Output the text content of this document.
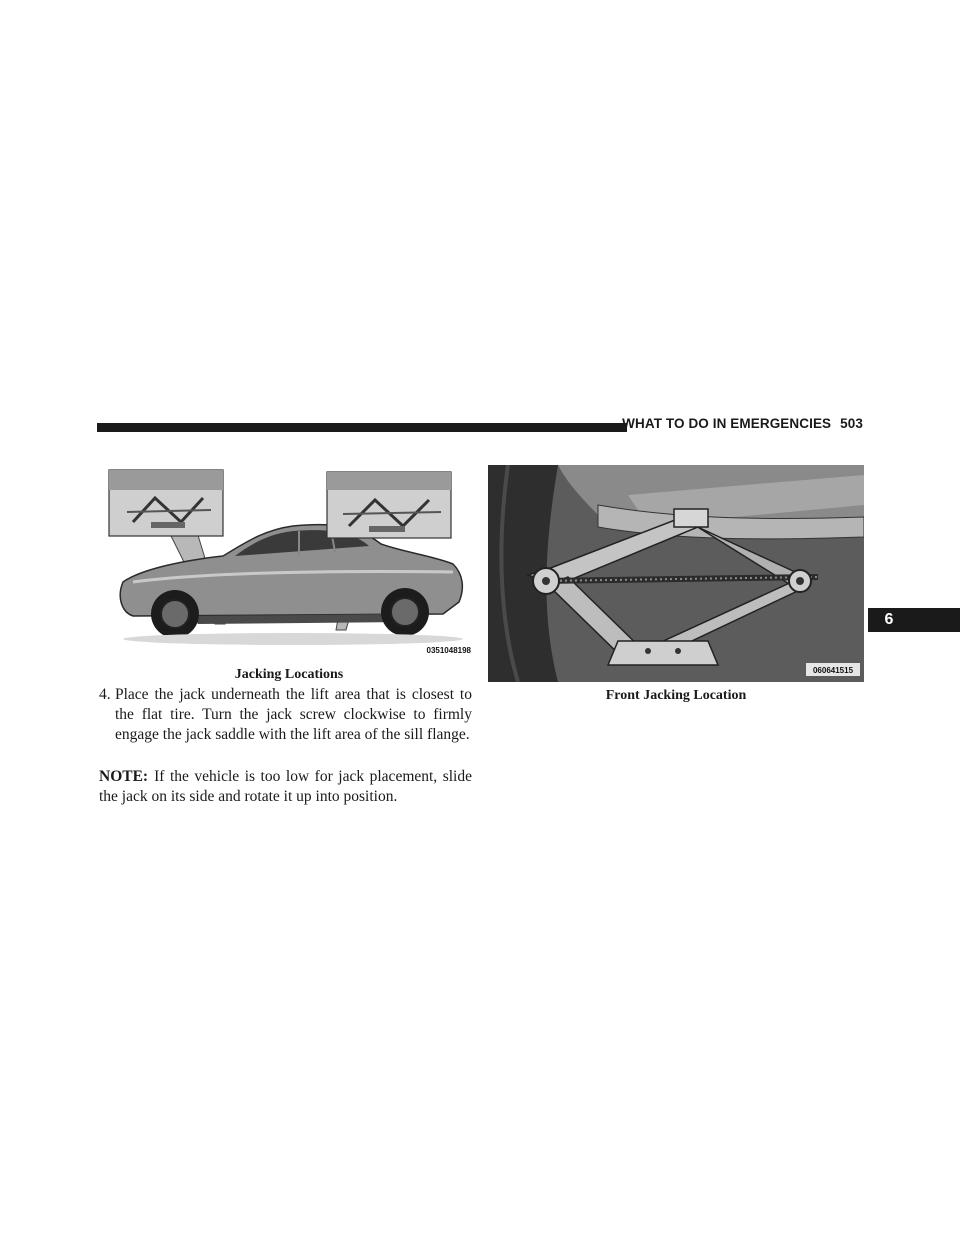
WHAT TO DO IN EMERGENCIES 503
6
0351048198
Jacking Locations	060641515
Front Jacking Location
4. Place the jack underneath the lift area that is closest to the flat tire. Turn the jack screw clockwise to firmly engage the jack saddle with the lift area of the sill flange.
NOTE: If the vehicle is too low for jack placement, slide the jack on its side and rotate it up into position.
